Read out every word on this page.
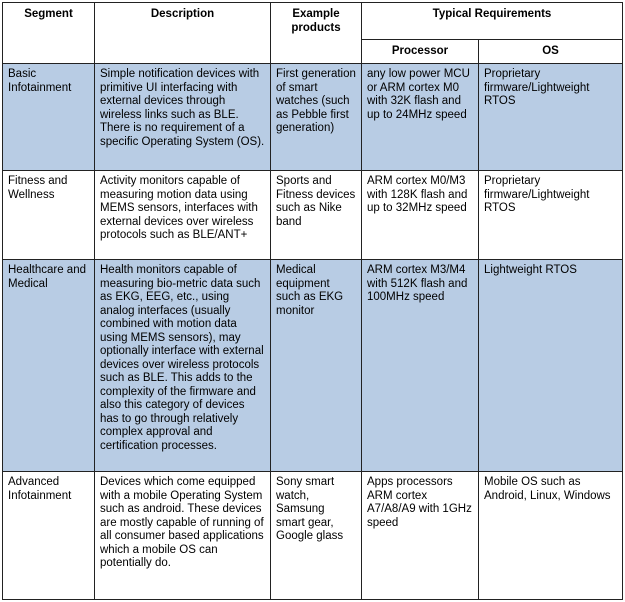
Segment	Description	Example products	Typical Requirements	
			Processor	OS
Basic Infotainment	Simple notification devices with primitive UI interfacing with external devices through wireless links such as BLE. There is no requirement of a specific Operating System (OS).	First generation of smart watches (such as Pebble first generation)	any low power MCU or ARM cortex M0 with 32K flash and up to 24MHz speed	Proprietary firmware/Lightweight RTOS
Fitness and Wellness	Activity monitors capable of measuring motion data using MEMS sensors, interfaces with external devices over wireless protocols such as BLE/ANT+	Sports and Fitness devices such as Nike band	ARM cortex M0/M3 with 128K flash and up to 32MHz speed	Proprietary firmware/Lightweight RTOS
Healthcare and Medical	Health monitors capable of measuring bio-metric data such as EKG, EEG, etc., using analog interfaces (usually combined with motion data using MEMS sensors), may optionally interface with external devices over wireless protocols such as BLE. This adds to the complexity of the firmware and also this category of devices has to go through relatively complex approval and certification processes.	Medical equipment such as EKG monitor	ARM cortex M3/M4 with 512K flash and 100MHz speed	Lightweight RTOS
Advanced Infotainment	Devices which come equipped with a mobile Operating System such as android. These devices are mostly capable of running of all consumer based applications which a mobile OS can potentially do.	Sony smart watch, Samsung smart gear, Google glass	Apps processors ARM cortex A7/A8/A9 with 1GHz speed	Mobile OS such as Android, Linux, Windows
